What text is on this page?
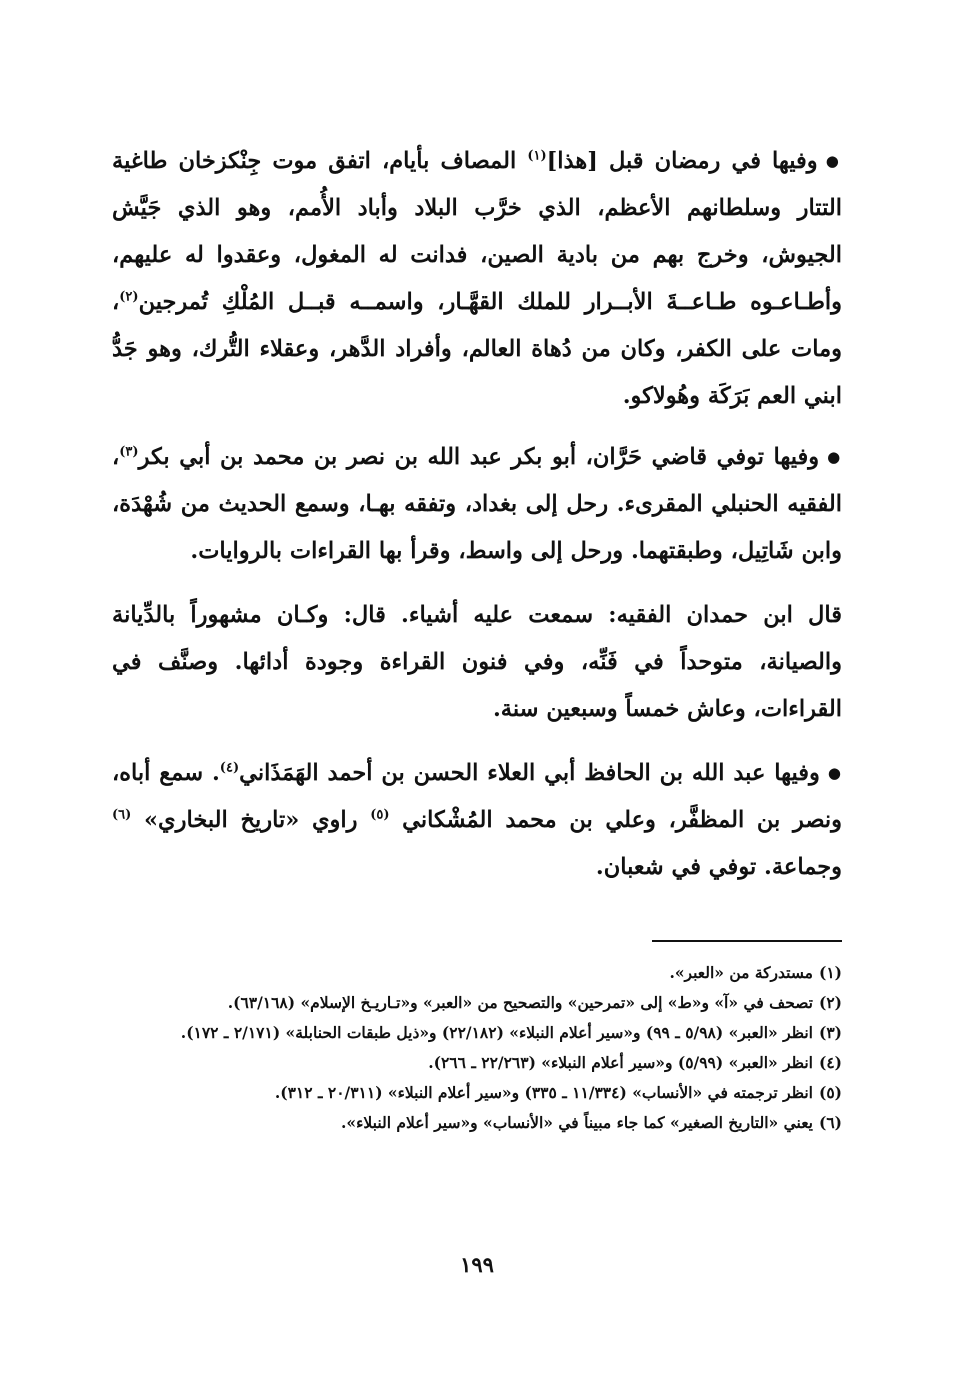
●وفيها في رمضان قبل [هذا]$^{(١)}$ المصاف بأيام، اتفق موت جِنْكزخان طاغية التتار وسلطانهم الأعظم، الذي خرَّب البلاد وأباد الأُمم، وهو الذي جَيَّش الجيوش، وخرج بهم من بادية الصين، فدانت له المغول، وعقدوا له عليهم، وأطـاعـوه طـاعــةَ الأبــرار للملك القهَّـار، واسمــه قبــل المُلْكِ تُمرجين$^{(٢)}$، ومات على الكفر، وكان من دُهاة العالم، وأفراد الدَّهر، وعقلاء التُّرك، وهو جَدُّ ابني العم بَرَكَة وهُولاكو.

●وفيها توفي قاضي حَرَّان، أبو بكر عبد الله بن نصر بن محمد بن أبي بكر$^{(٣)}$، الفقيه الحنبلي المقرىء. رحل إلى بغداد، وتفقه بهـا، وسمع الحديث من شُهْدَة، وابن شَاتِيل، وطبقتهما. ورحل إلى واسط، وقرأ بها القراءات بالروايات.

قال ابن حمدان الفقيه: سمعت عليه أشياء. قال: وكـان مشهوراً بالدِّيانة والصيانة، متوحداً في فَنِّه، وفي فنون القراءة وجودة أدائها. وصنَّف في القراءات، وعاش خمساً وسبعين سنة.

●وفيها عبد الله بن الحافظ أبي العلاء الحسن بن أحمد الهَمَذَاني$^{(٤)}$. سمع أباه، ونصر بن المظفَّر، وعلي بن محمد المُشْكاني $^{(٥)}$ راوي «تاريخ البخاري» $^{(٦)}$ وجماعة. توفي في شعبان.

(١)
مستدركة من «العبر».
(٢)
تصحف في «آ» و«ط» إلى «تمرحين» والتصحيح من «العبر» و«تـاريـخ الإسلام» (٦٣/١٦٨).
(٣)
انظر «العبر» (٥/٩٨ ـ ٩٩) و«سير أعلام النبلاء» (٢٢/١٨٢) و«ذيل طبقات الحنابلة» (٢/١٧١ ـ ١٧٢).
(٤)
انظر «العبر» (٥/٩٩) و«سير أعلام النبلاء» (٢٢/٢٦٣ ـ ٢٦٦).
(٥)
انظر ترجمته في «الأنساب» (١١/٣٣٤ ـ ٣٣٥) و«سير أعلام النبلاء» (٢٠/٣١١ ـ ٣١٢).
(٦)
يعني «التاريخ الصغير» كما جاء مبيناً في «الأنساب» و«سير أعلام النبلاء».
١٩٩
